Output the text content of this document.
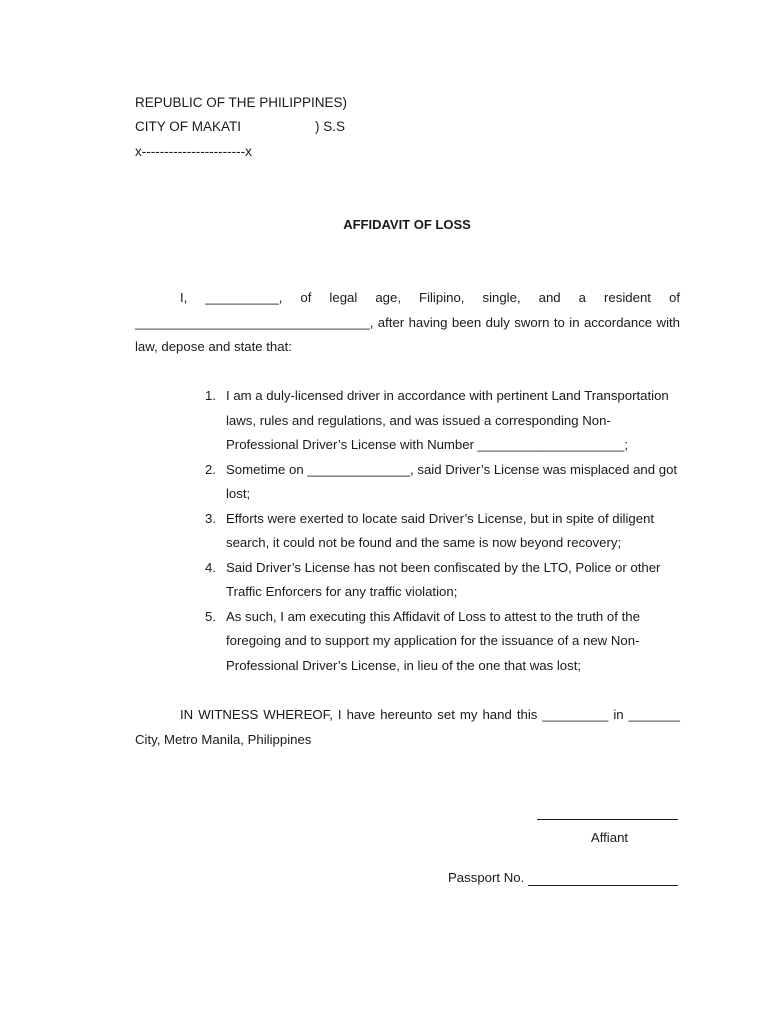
REPUBLIC OF THE PHILIPPINES)
CITY OF MAKATI	) S.S
x-----------------------x
AFFIDAVIT OF LOSS
I, __________, of legal age, Filipino, single, and a resident of ________________________________, after having been duly sworn to in accordance with law, depose and state that:
1. I am a duly-licensed driver in accordance with pertinent Land Transportation laws, rules and regulations, and was issued a corresponding Non-Professional Driver’s License with Number ____________________;
2. Sometime on ______________, said Driver’s License was misplaced and got lost;
3. Efforts were exerted to locate said Driver’s License, but in spite of diligent search, it could not be found and the same is now beyond recovery;
4. Said Driver’s License has not been confiscated by the LTO, Police or other Traffic Enforcers for any traffic violation;
5. As such, I am executing this Affidavit of Loss to attest to the truth of the foregoing and to support my application for the issuance of a new Non-Professional Driver’s License, in lieu of the one that was lost;
IN WITNESS WHEREOF, I have hereunto set my hand this _________ in _______ City, Metro Manila, Philippines
Affiant
Passport No.
